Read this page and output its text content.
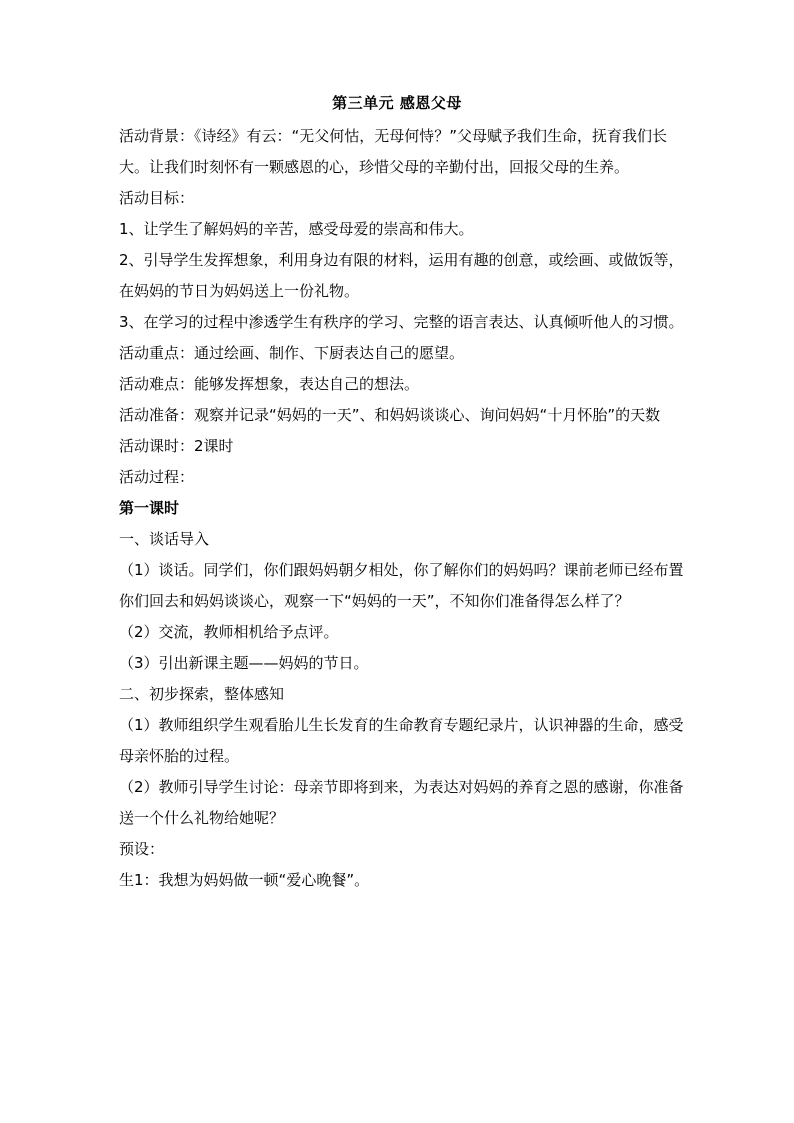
第三单元 感恩父母

活动背景：《诗经》有云：“无父何怙，无母何恃？”父母赋予我们生命，抚育我们长大。让我们时刻怀有一颗感恩的心，珍惜父母的辛勤付出，回报父母的生养。

活动目标：

1、让学生了解妈妈的辛苦，感受母爱的崇高和伟大。

2、引导学生发挥想象，利用身边有限的材料，运用有趣的创意，或绘画、或做饭等，在妈妈的节日为妈妈送上一份礼物。

3、在学习的过程中渗透学生有秩序的学习、完整的语言表达、认真倾听他人的习惯。

活动重点：通过绘画、制作、下厨表达自己的愿望。

活动难点：能够发挥想象，表达自己的想法。

活动准备：观察并记录“妈妈的一天”、和妈妈谈谈心、询问妈妈“十月怀胎”的天数

活动课时：2课时

活动过程：

第一课时

一、谈话导入

（1）谈话。同学们，你们跟妈妈朝夕相处，你了解你们的妈妈吗？课前老师已经布置你们回去和妈妈谈谈心，观察一下“妈妈的一天”，不知你们准备得怎么样了？

（2）交流，教师相机给予点评。

（3）引出新课主题——妈妈的节日。

二、初步探索，整体感知

（1）教师组织学生观看胎儿生长发育的生命教育专题纪录片，认识神器的生命，感受母亲怀胎的过程。

（2）教师引导学生讨论：母亲节即将到来，为表达对妈妈的养育之恩的感谢，你准备送一个什么礼物给她呢？

预设：

生1：我想为妈妈做一顿“爱心晚餐”。
